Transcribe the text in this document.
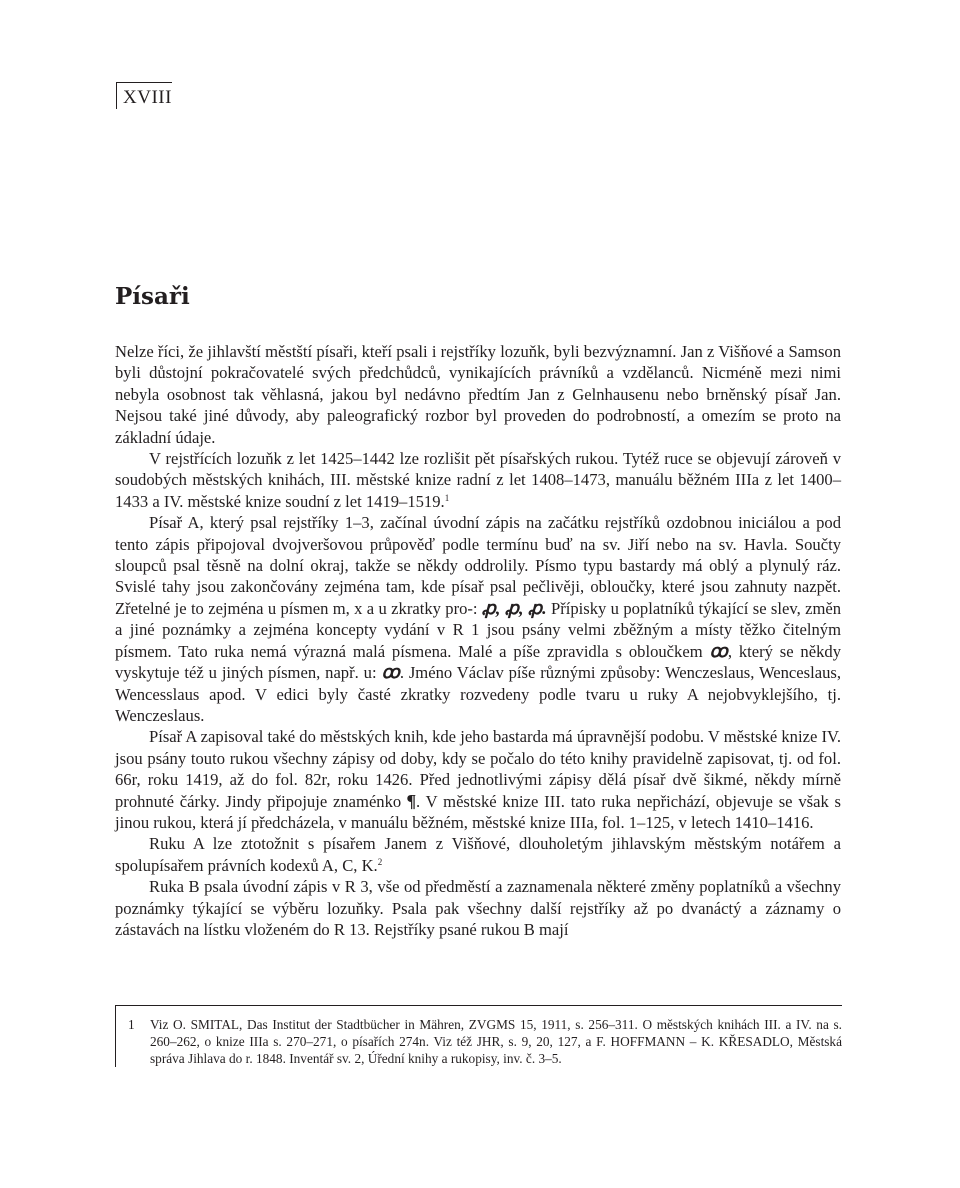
XVIII
Písaři

Nelze říci, že jihlavští městští písaři, kteří psali i rejstříky lozuňk, byli bezvýznamní. Jan z Višňové a Samson byli důstojní pokračovatelé svých předchůdců, vynikajících právníků a vzdělanců. Nicméně mezi nimi nebyla osobnost tak věhlasná, jakou byl nedávno předtím Jan z Gelnhausenu nebo brněnský písař Jan. Nejsou také jiné důvody, aby paleografický rozbor byl proveden do podrobností, a omezím se proto na základní údaje.

V rejstřících lozuňk z let 1425–1442 lze rozlišit pět písařských rukou. Tytéž ruce se objevují zároveň v soudobých městských knihách, III. městské knize radní z let 1408–1473, manuálu běžném IIIa z let 1400–1433 a IV. městské knize soudní z let 1419–1519.$^1$

Písař A, který psal rejstříky 1–3, začínal úvodní zápis na začátku rejstříků ozdobnou iniciálou a pod tento zápis připojoval dvojveršovou průpověď podle termínu buď na sv. Jiří nebo na sv. Havla. Součty sloupců psal těsně na dolní okraj, takže se někdy oddrolily. Písmo typu bastardy má oblý a plynulý ráz. Svislé tahy jsou zakončovány zejména tam, kde písař psal pečlivěji, obloučky, které jsou zahnuty nazpět. Zřetelné je to zejména u písmen m, x a u zkratky pro-: ꝓ, ꝓ, ꝓ. Přípisky u poplatníků týkající se slev, změn a jiné poznámky a zejména koncepty vydání v R 1 jsou psány velmi zběžným a místy těžko čitelným písmem. Tato ruka nemá výrazná malá písmena. Malé a píše zpravidla s obloučkem ꝏ, který se někdy vyskytuje též u jiných písmen, např. u: ꝏ. Jméno Václav píše různými způsoby: Wenczeslaus, Wenceslaus, Wencesslaus apod. V edici byly časté zkratky rozvedeny podle tvaru u ruky A nejobvyklejšího, tj. Wenczeslaus.

Písař A zapisoval také do městských knih, kde jeho bastarda má úpravnější podobu. V městské knize IV. jsou psány touto rukou všechny zápisy od doby, kdy se počalo do této knihy pravidelně zapisovat, tj. od fol. 66r, roku 1419, až do fol. 82r, roku 1426. Před jednotlivými zápisy dělá písař dvě šikmé, někdy mírně prohnuté čárky. Jindy připojuje znaménko ¶. V městské knize III. tato ruka nepřichází, objevuje se však s jinou rukou, která jí předcházela, v manuálu běžném, městské knize IIIa, fol. 1–125, v letech 1410–1416.

Ruku A lze ztotožnit s písařem Janem z Višňové, dlouholetým jihlavským městským notářem a spolupísařem právních kodexů A, C, K.$^2$

Ruka B psala úvodní zápis v R 3, vše od předměstí a zaznamenala některé změny poplatníků a všechny poznámky týkající se výběru lozuňky. Psala pak všechny další rejstříky až po dvanáctý a záznamy o zástavách na lístku vloženém do R 13. Rejstříky psané rukou B mají

1	Viz O. SMITAL, Das Institut der Stadtbücher in Mähren, ZVGMS 15, 1911, s. 256–311. O městských knihách III. a IV. na s. 260–262, o knize IIIa s. 270–271, o písařích 274n. Viz též JHR, s. 9, 20, 127, a F. HOFFMANN – K. KŘESADLO, Městská správa Jihlava do r. 1848. Inventář sv. 2, Úřední knihy a rukopisy, inv. č. 3–5.
